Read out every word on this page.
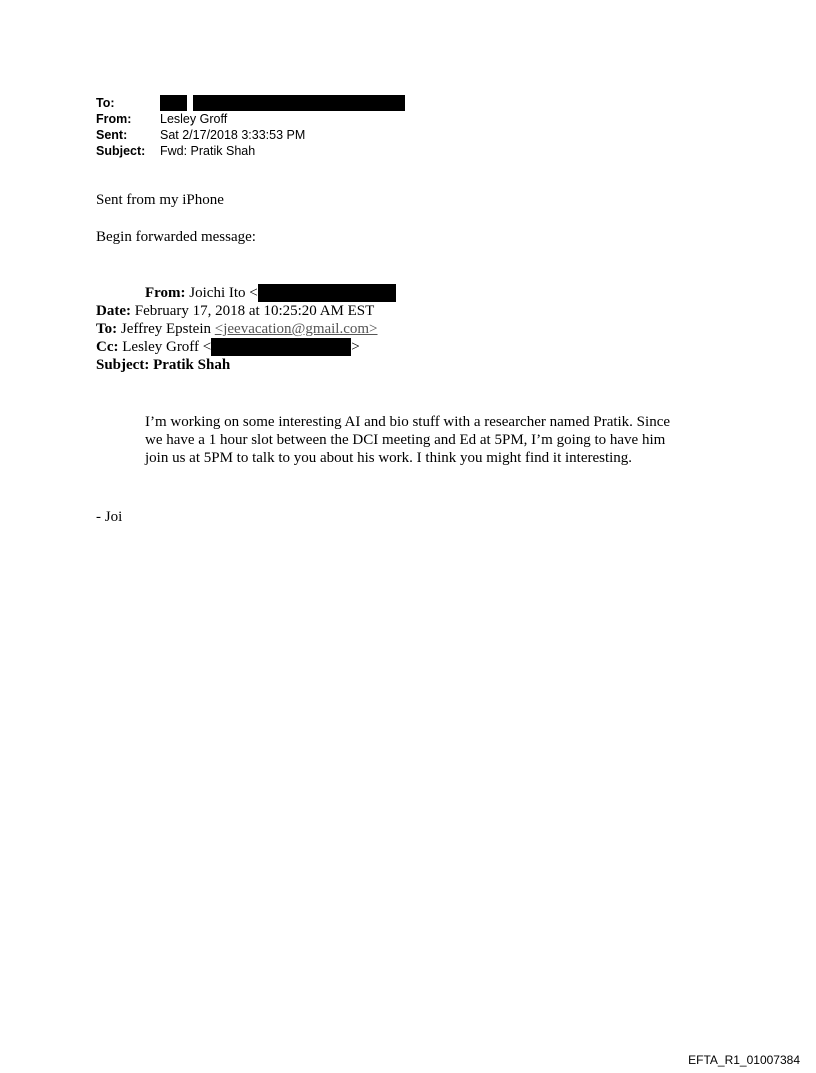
To:

From:	Lesley Groff
Sent:	Sat 2/17/2018 3:33:53 PM
Subject:	Fwd: Pratik Shah
Sent from my iPhone
Begin forwarded message:
From: Joichi Ito <
Date: February 17, 2018 at 10:25:20 AM EST
To: Jeffrey Epstein <jeevacation@gmail.com>
Cc: Lesley Groff <	>
Subject: Pratik Shah
I’m working on some interesting AI and bio stuff with a researcher named Pratik. Since we have a 1 hour slot between the DCI meeting and Ed at 5PM, I’m going to have him join us at 5PM to talk to you about his work. I think you might find it interesting.
- Joi
EFTA_R1_01007384
